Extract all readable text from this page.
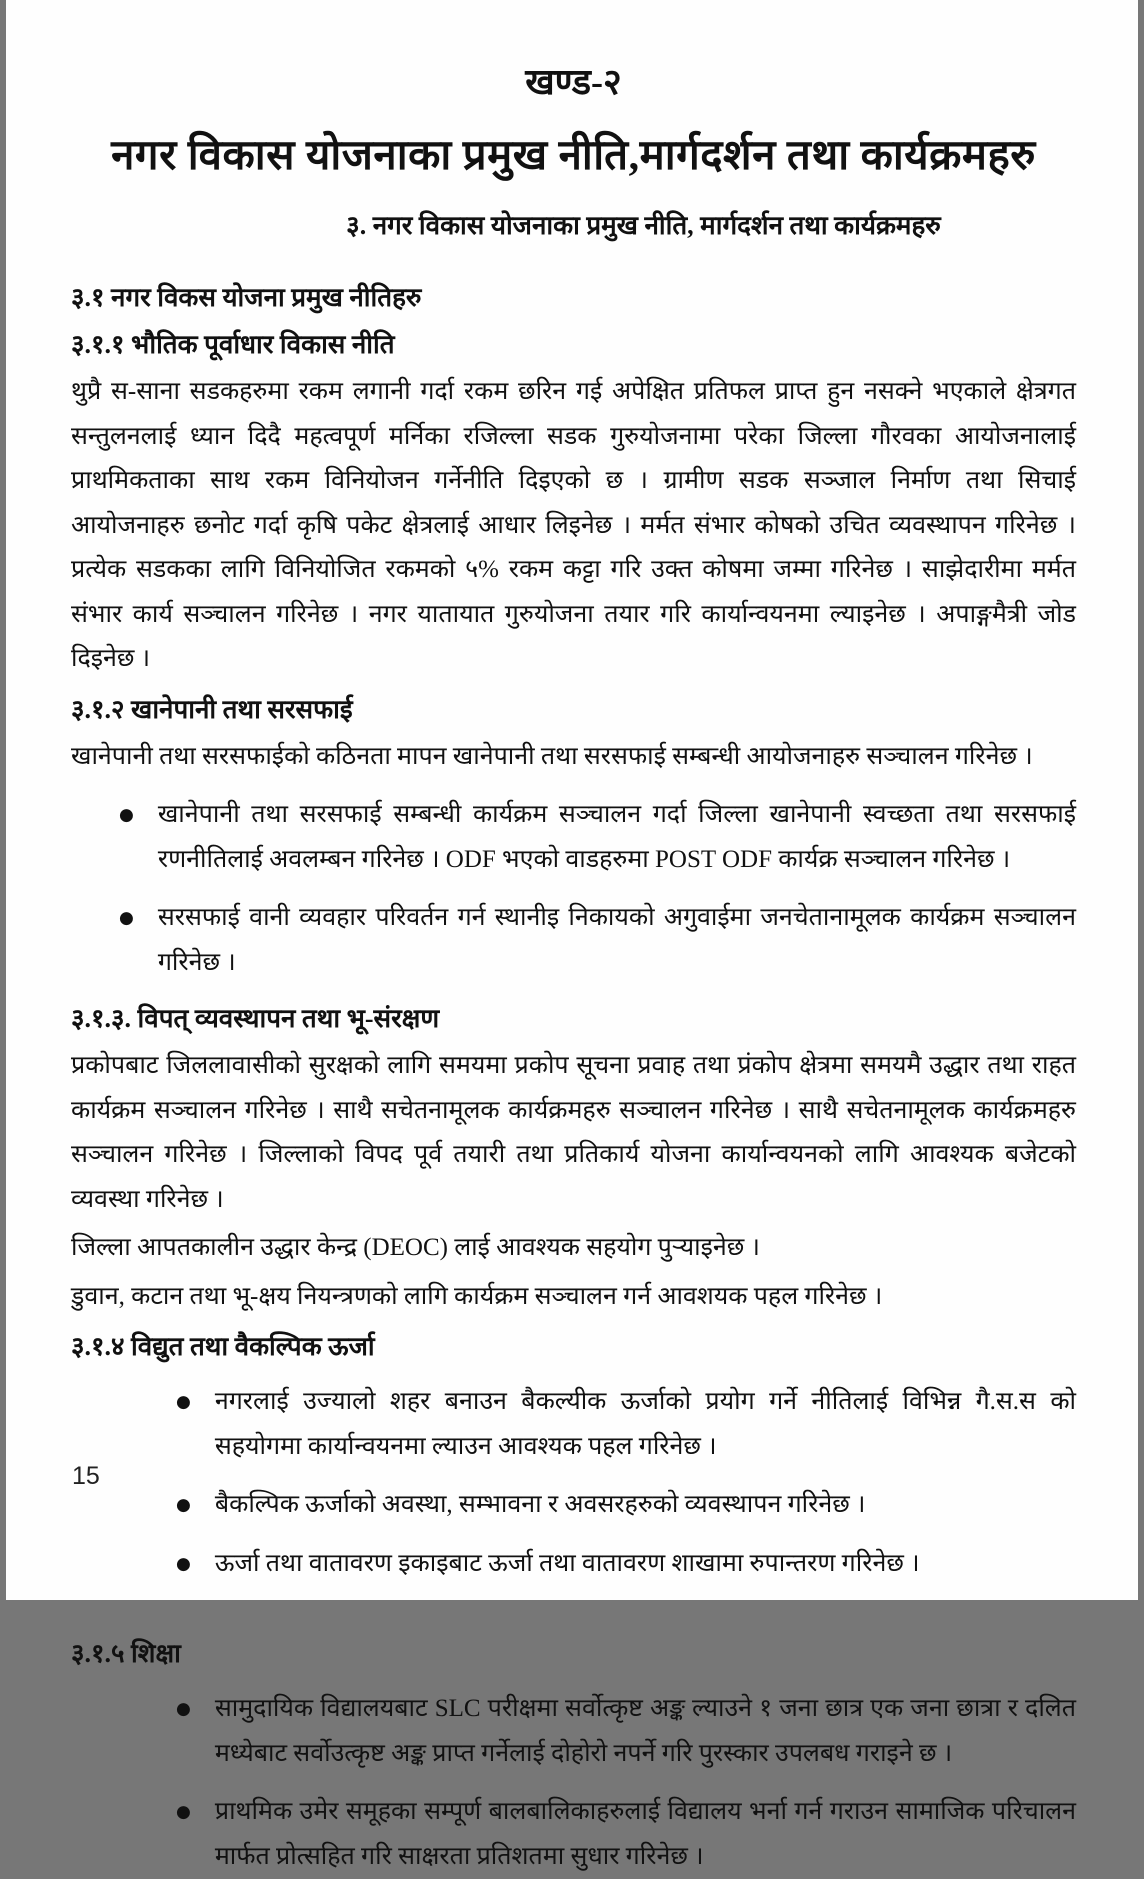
खण्ड-२
नगर विकास योजनाका प्रमुख नीति,मार्गदर्शन तथा कार्यक्रमहरु
३. नगर विकास योजनाका प्रमुख नीति, मार्गदर्शन तथा कार्यक्रमहरु
३.१ नगर विकस योजना प्रमुख नीतिहरु
३.१.१ भौतिक पूर्वाधार विकास नीति

थुप्रै स-साना सडकहरुमा रकम लगानी गर्दा रकम छरिन गई अपेक्षित प्रतिफल प्राप्त हुन नसक्ने भएकाले क्षेत्रगत सन्तुलनलाई ध्यान दिदै महत्वपूर्ण मर्निका रजिल्ला सडक गुरुयोजनामा परेका जिल्ला गौरवका आयोजनालाई प्राथमिकताका साथ रकम विनियोजन गर्नेनीति दिइएको छ । ग्रामीण सडक सञ्जाल निर्माण तथा सिचाई आयोजनाहरु छनोट गर्दा कृषि पकेट क्षेत्रलाई आधार लिइनेछ । मर्मत संभार कोषको उचित व्यवस्थापन गरिनेछ । प्रत्येक सडकका लागि विनियोजित रकमको ५% रकम कट्टा गरि उक्त कोषमा जम्मा गरिनेछ । साझेदारीमा मर्मत संभार कार्य सञ्चालन गरिनेछ । नगर यातायात गुरुयोजना तयार गरि कार्यान्वयनमा ल्याइनेछ । अपाङ्गमैत्री जोड दिइनेछ ।

३.१.२ खानेपानी तथा सरसफाई

खानेपानी तथा सरसफाईको कठिनता मापन खानेपानी तथा सरसफाई सम्बन्धी आयोजनाहरु सञ्चालन गरिनेछ ।

● खानेपानी तथा सरसफाई सम्बन्धी कार्यक्रम सञ्चालन गर्दा जिल्ला खानेपानी स्वच्छता तथा सरसफाई रणनीतिलाई अवलम्बन गरिनेछ । ODF भएको वाडहरुमा POST ODF कार्यक्र सञ्चालन गरिनेछ ।
● सरसफाई वानी व्यवहार परिवर्तन गर्न स्थानीइ निकायको अगुवाईमा जनचेतानामूलक कार्यक्रम सञ्चालन गरिनेछ ।
३.१.३. विपत् व्यवस्थापन तथा भू-संरक्षण

प्रकोपबाट जिललावासीको सुरक्षको लागि समयमा प्रकोप सूचना प्रवाह तथा प्रंकोप क्षेत्रमा समयमै उद्धार तथा राहत कार्यक्रम सञ्चालन गरिनेछ । साथै सचेतनामूलक कार्यक्रमहरु सञ्चालन गरिनेछ । साथै सचेतनामूलक कार्यक्रमहरु सञ्चालन गरिनेछ । जिल्लाको विपद पूर्व तयारी तथा प्रतिकार्य योजना कार्यान्वयनको लागि आवश्यक बजेटको व्यवस्था गरिनेछ ।

जिल्ला आपतकालीन उद्धार केन्द्र (DEOC) लाई आवश्यक सहयोग पुऱ्याइनेछ ।

डुवान, कटान तथा भू-क्षय नियन्त्रणको लागि कार्यक्रम सञ्चालन गर्न आवशयक पहल गरिनेछ ।

३.१.४ विद्युत तथा वैकल्पिक ऊर्जा
● नगरलाई उज्यालो शहर बनाउन बैकल्यीक ऊर्जाको प्रयोग गर्ने नीतिलाई विभिन्न गै.स.स को सहयोगमा कार्यान्वयनमा ल्याउन आवश्यक पहल गरिनेछ ।
● बैकल्पिक ऊर्जाको अवस्था, सम्भावना र अवसरहरुको व्यवस्थापन गरिनेछ ।
● ऊर्जा तथा वातावरण इकाइबाट ऊर्जा तथा वातावरण शाखामा रुपान्तरण गरिनेछ ।
३.१.५ शिक्षा
● सामुदायिक विद्यालयबाट SLC परीक्षमा सर्वोत्कृष्ट अङ्क ल्याउने १ जना छात्र एक जना छात्रा र दलित मध्येबाट सर्वोउत्कृष्ट अङ्क प्राप्त गर्नेलाई दोहोरो नपर्ने गरि पुरस्कार उपलबध गराइने छ ।
● प्राथमिक उमेर समूहका सम्पूर्ण बालबालिकाहरुलाई विद्यालय भर्ना गर्न गराउन सामाजिक परिचालन मार्फत प्रोत्सहित गरि साक्षरता प्रतिशतमा सुधार गरिनेछ ।
15
